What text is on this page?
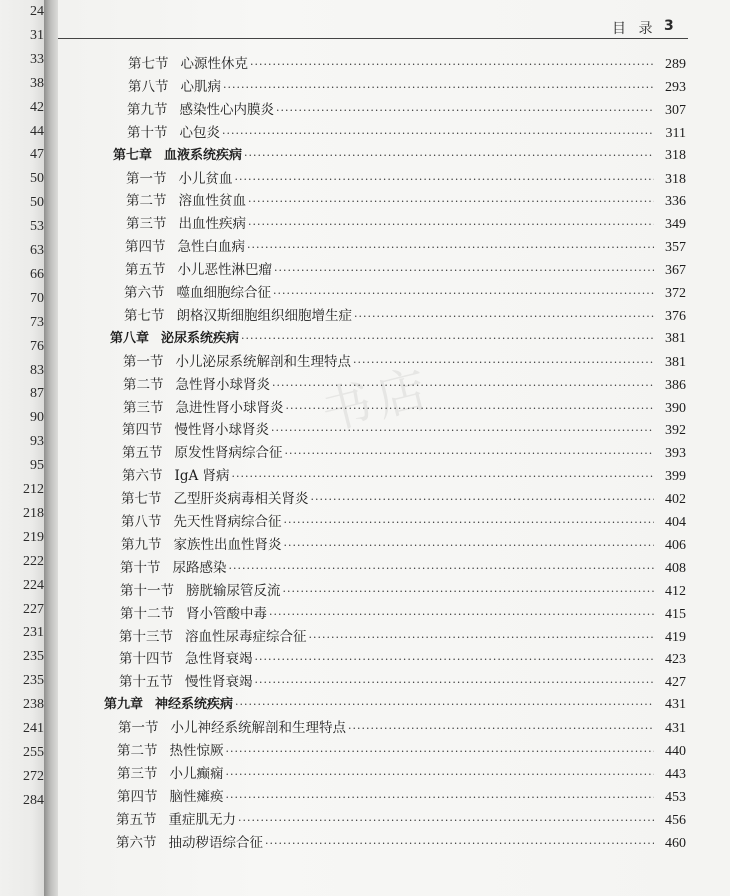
目 录 3
24
31
33
38
42
44
47
50
50
53
63
66
70
73
76
83
87
90
93
95
212
218
219
222
224
227
231
235
235
238
241
255
272
284
第七节 心源性休克 ·····	289
第八节 心肌病 ·····	293
第九节 感染性心内膜炎 ·····	307
第十节 心包炎 ·····	311
第七章 血液系统疾病 ·····	318
第一节 小儿贫血 ·····	318
第二节 溶血性贫血 ·····	336
第三节 出血性疾病 ·····	349
第四节 急性白血病 ·····	357
第五节 小儿恶性淋巴瘤 ·····	367
第六节 噬血细胞综合征 ·····	372
第七节 朗格汉斯细胞组织细胞增生症 ·····	376
第八章 泌尿系统疾病 ·····	381
第一节 小儿泌尿系统解剖和生理特点 ·····	381
第二节 急性肾小球肾炎 ·····	386
第三节 急进性肾小球肾炎 ·····	390
第四节 慢性肾小球肾炎 ·····	392
第五节 原发性肾病综合征 ·····	393
第六节 IgA 肾病 ·····	399
第七节 乙型肝炎病毒相关肾炎 ·····	402
第八节 先天性肾病综合征 ·····	404
第九节 家族性出血性肾炎 ·····	406
第十节 尿路感染 ·····	408
第十一节 膀胱输尿管反流 ·····	412
第十二节 肾小管酸中毒 ·····	415
第十三节 溶血性尿毒症综合征 ·····	419
第十四节 急性肾衰竭 ·····	423
第十五节 慢性肾衰竭 ·····	427
第九章 神经系统疾病 ·····	431
第一节 小儿神经系统解剖和生理特点 ·····	431
第二节 热性惊厥 ·····	440
第三节 小儿癫痫 ·····	443
第四节 脑性瘫痪 ·····	453
第五节 重症肌无力 ·····	456
第六节 抽动秽语综合征 ·····	460
